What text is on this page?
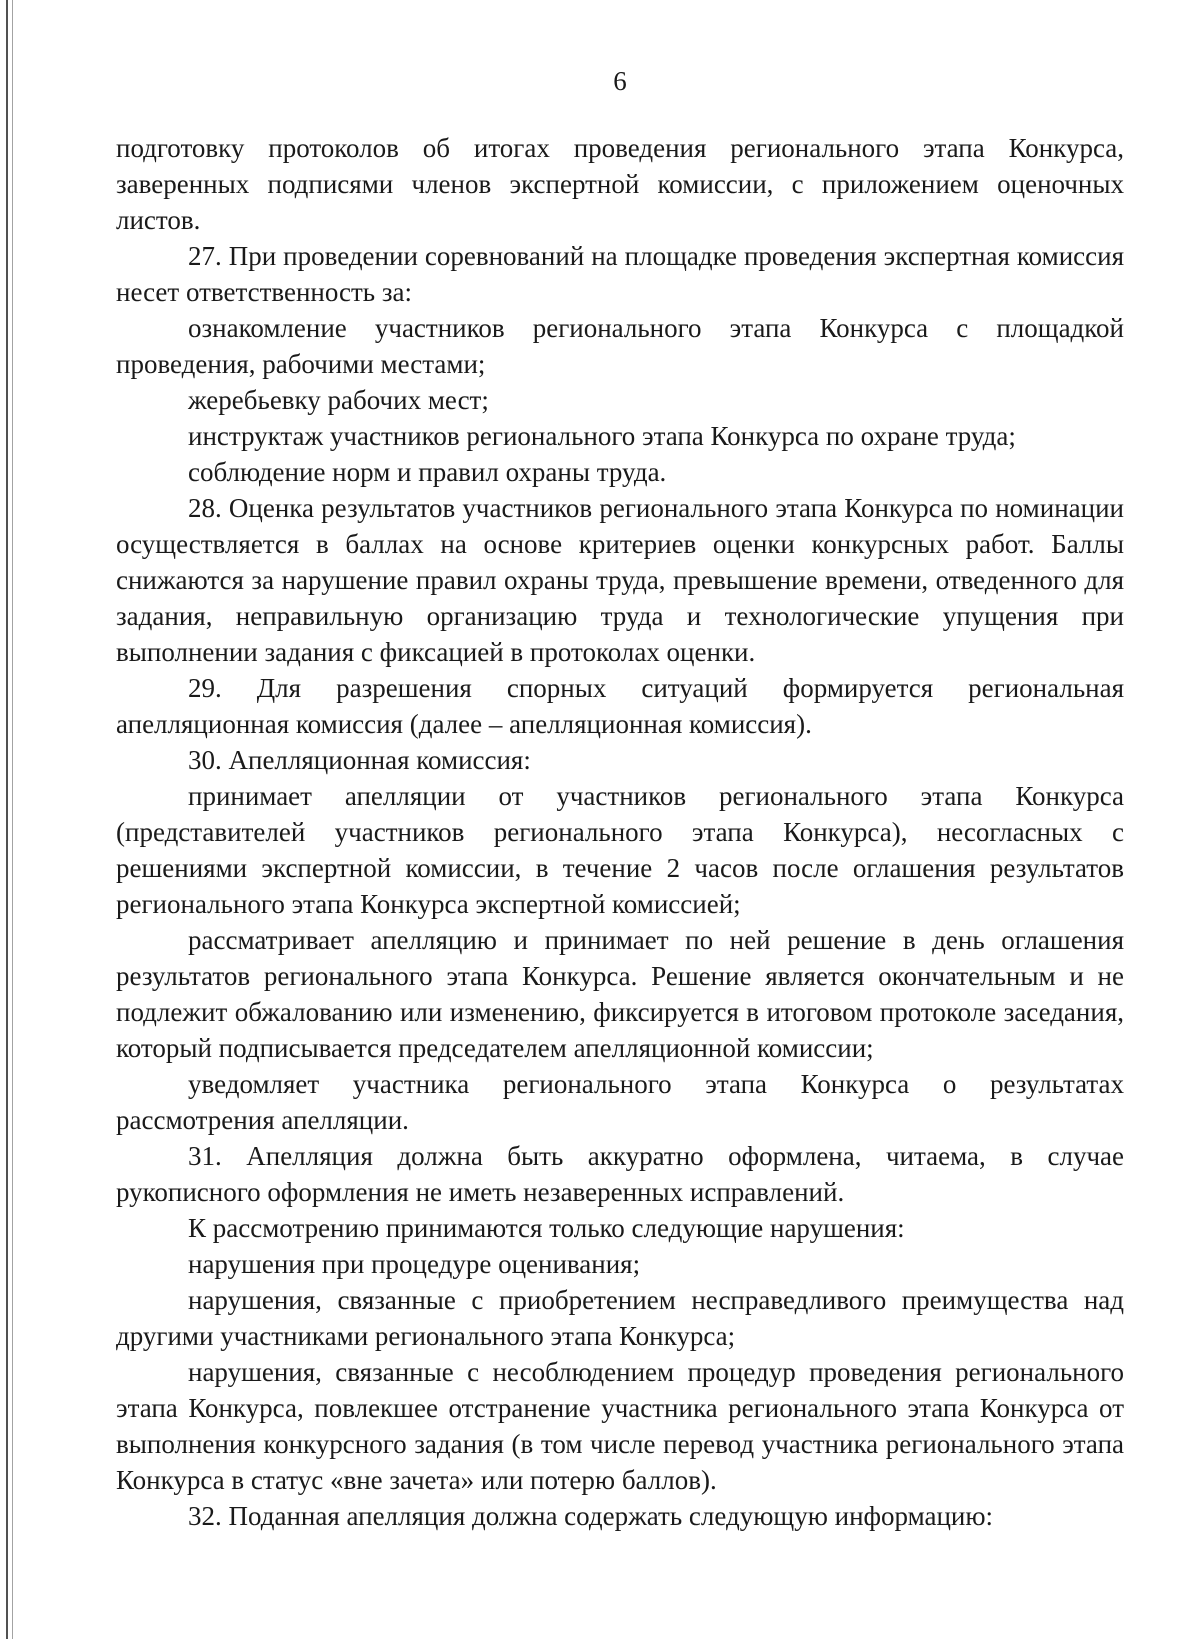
6

подготовку протоколов об итогах проведения регионального этапа Конкурса, заверенных подписями членов экспертной комиссии, с приложением оценочных листов.

27. При проведении соревнований на площадке проведения экспертная комиссия несет ответственность за:

ознакомление участников регионального этапа Конкурса с площадкой проведения, рабочими местами;

жеребьевку рабочих мест;

инструктаж участников регионального этапа Конкурса по охране труда;

соблюдение норм и правил охраны труда.

28. Оценка результатов участников регионального этапа Конкурса по номинации осуществляется в баллах на основе критериев оценки конкурсных работ. Баллы снижаются за нарушение правил охраны труда, превышение времени, отведенного для задания, неправильную организацию труда и технологические упущения при выполнении задания с фиксацией в протоколах оценки.

29. Для разрешения спорных ситуаций формируется региональная апелляционная комиссия (далее – апелляционная комиссия).

30. Апелляционная комиссия:

принимает апелляции от участников регионального этапа Конкурса (представителей участников регионального этапа Конкурса), несогласных с решениями экспертной комиссии, в течение 2 часов после оглашения результатов регионального этапа Конкурса экспертной комиссией;

рассматривает апелляцию и принимает по ней решение в день оглашения результатов регионального этапа Конкурса. Решение является окончательным и не подлежит обжалованию или изменению, фиксируется в итоговом протоколе заседания, который подписывается председателем апелляционной комиссии;

уведомляет участника регионального этапа Конкурса о результатах рассмотрения апелляции.

31. Апелляция должна быть аккуратно оформлена, читаема, в случае рукописного оформления не иметь незаверенных исправлений.

К рассмотрению принимаются только следующие нарушения:

нарушения при процедуре оценивания;

нарушения, связанные с приобретением несправедливого преимущества над другими участниками регионального этапа Конкурса;

нарушения, связанные с несоблюдением процедур проведения регионального этапа Конкурса, повлекшее отстранение участника регионального этапа Конкурса от выполнения конкурсного задания (в том числе перевод участника регионального этапа Конкурса в статус «вне зачета» или потерю баллов).

32. Поданная апелляция должна содержать следующую информацию:
